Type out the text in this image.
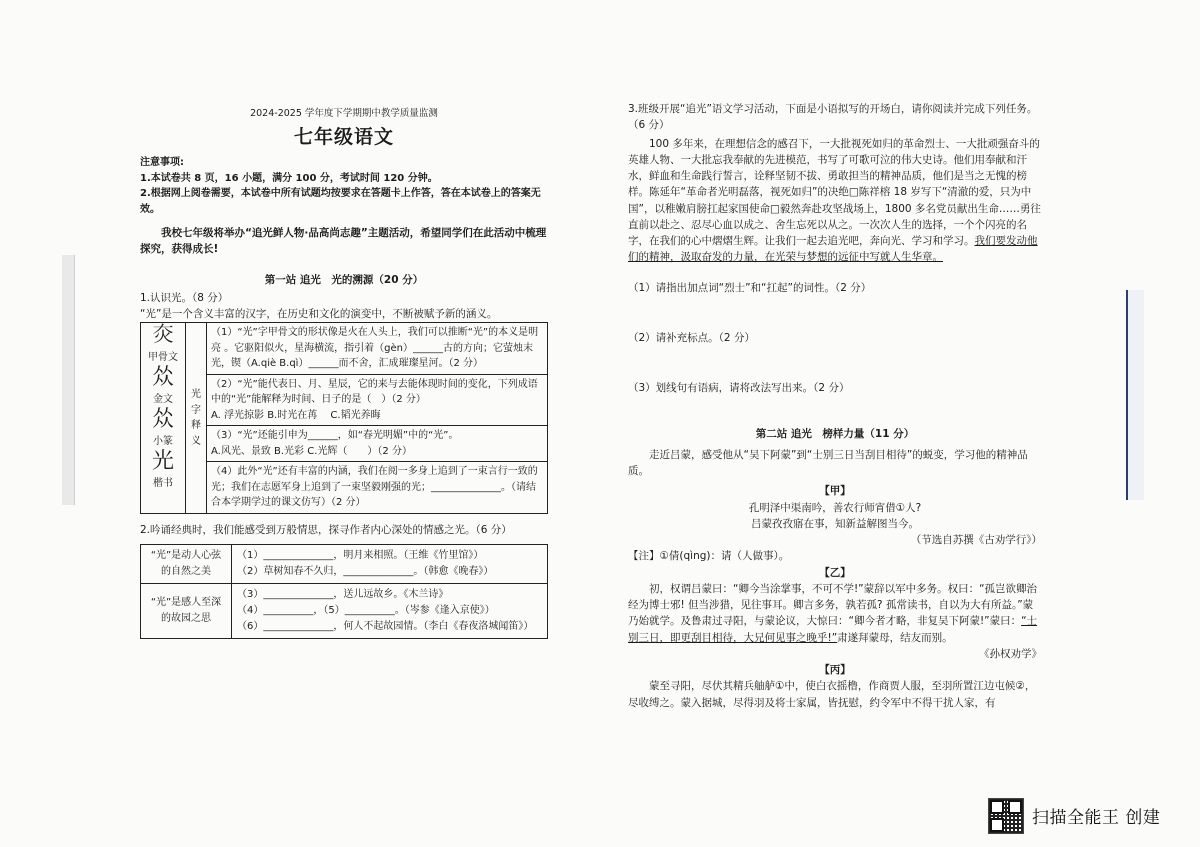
2024-2025 学年度下学期期中教学质量监测
七年级语文

注意事项:

1.本试卷共 8 页，16 小题，满分 100 分，考试时间 120 分钟。

2.根据网上阅卷需要，本试卷中所有试题均按要求在答题卡上作答，答在本试卷上的答案无效。

我校七年级将举办“追光鲜人物·品高尚志趣”主题活动，希望同学们在此活动中梳理探究，获得成长!

第一站 追光　光的溯源（20 分）

1.认识光。（8 分）

“光”是一个含义丰富的汉字，在历史和文化的演变中，不断被赋予新的涵义。

𤆍
甲骨文
𠈌
金文
𠈌
小篆
光
楷书
	光字释义	（1）“光”字甲骨文的形状像是火在人头上，我们可以推断“光”的本义是明亮 。它驱阳似火，星海横流，指引着（gèn）______古的方向；它萤烛末光，锲（A.qiè B.qì）______而不舍，汇成璀璨星河。（2 分）

（2）“光”能代表日、月、星辰，它的来与去能体现时间的变化，下列成语中的“光”能解释为时间、日子的是（　）（2 分）
A. 浮光掠影 B.时光在苒　 C.韬光养晦

（3）“光”还能引申为______，如“春光明媚”中的“光”。
A.风光、景致 B.光彩 C.光辉（　　）（2 分）

（4）此外“光”还有丰富的内涵，我们在阅一多身上追到了一束言行一致的光；我们在志愿军身上追到了一束坚毅刚强的光；______________。（请结合本学期学过的课文仿写）（2 分）

2.吟诵经典时，我们能感受到万般情思，探寻作者内心深处的情感之光。（6 分）

“光”是动人心弦的自然之美	（1）______________，明月来相照。（王维《竹里馆》）
（2）草树知春不久归，______________。（韩愈《晚春》）

“光”是感人至深的故园之思	（3）______________，送儿远故乡。《木兰诗》
（4）__________，（5）__________。（岑参《逢入京使》）
（6）______________，何人不起故园情。（李白《春夜洛城闻笛》）

3.班级开展“追光”语文学习活动，下面是小语拟写的开场白，请你阅读并完成下列任务。（6 分）

100 多年来，在理想信念的感召下，一大批视死如归的革命烈士、一大批顽强奋斗的英雄人物、一大批忘我奉献的先进模范，书写了可歌可泣的伟大史诗。他们用奉献和汗水，鲜血和生命践行誓言，诠释坚韧不拔、勇敢担当的精神品质，他们是当之无愧的榜样。陈延年“革命者光明磊落，视死如归”的决绝□陈祥榕 18 岁写下“清澈的爱，只为中国”，以稚嫩肩膀扛起家国使命□毅然奔赴攻坚战场上，1800 多名党员献出生命……勇往直前以赴之、忍尽心血以成之、舍生忘死以从之。一次次人生的选择，一个个闪亮的名字，在我们的心中熠熠生辉。让我们一起去追光吧，奔向光、学习和学习。我们要发动他们的精神，汲取奋发的力量，在光荣与梦想的远征中写就人生华章。

（1）请指出加点词“烈士”和“扛起”的词性。（2 分）

（2）请补充标点。（2 分）

（3）划线句有语病，请将改法写出来。（2 分）

第二站 追光　榜样力量（11 分）

走近吕蒙，感受他从“吴下阿蒙”到“士别三日当刮目相待”的蜕变，学习他的精神品质。

【甲】

孔明泽中渠南吟，善农行师宵借①人?

吕蒙孜孜寤在事，知新益解图当今。

（节选自苏撰《古劝学行》）

【注】①倩(qìng)：请（人做事）。

【乙】

初，权谓吕蒙曰：“卿今当涂掌事，不可不学!”蒙辞以军中多务。权曰：“孤岂欲卿治经为博士邪! 但当涉猎，见往事耳。卿言多务，孰若孤? 孤常读书，自以为大有所益。”蒙乃始就学。及鲁肃过寻阳，与蒙论议，大惊曰：“卿今者才略，非复吴下阿蒙!”蒙曰：“士别三日，即更刮目相待，大兄何见事之晚乎!”肃遂拜蒙母，结友而别。

《孙权劝学》

【丙】

蒙至寻阳，尽伏其精兵舳舻①中，使白衣摇橹，作商贾人服，至羽所置江边屯候②，尽收缚之。蒙入据城，尽得羽及将士家属，皆抚慰，约令军中不得干扰人家，有

扫描全能王 创建
